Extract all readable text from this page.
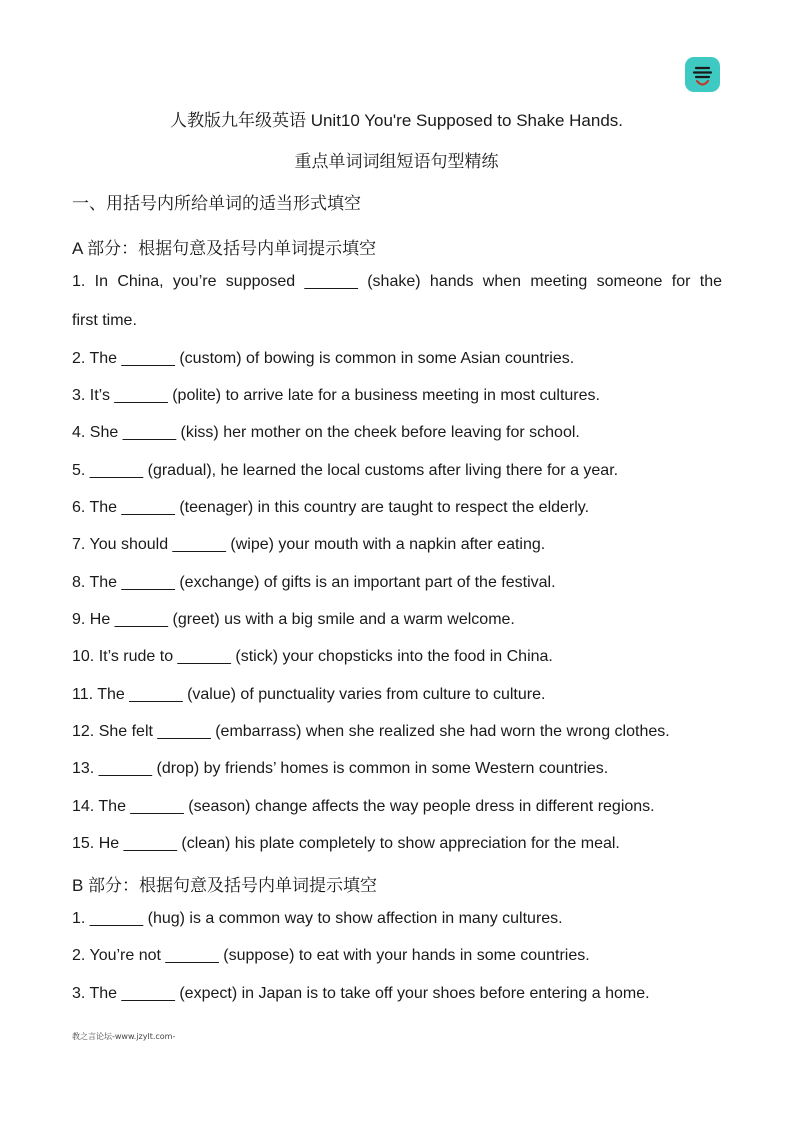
人教版九年级英语 Unit10 You're Supposed to Shake Hands.
重点单词词组短语句型精练
一、用括号内所给单词的适当形式填空
A 部分：根据句意及括号内单词提示填空
1. In China, you’re supposed ______ (shake) hands when meeting someone for the
first time.
2. The ______ (custom) of bowing is common in some Asian countries.
3. It’s ______ (polite) to arrive late for a business meeting in most cultures.
4. She ______ (kiss) her mother on the cheek before leaving for school.
5. ______ (gradual), he learned the local customs after living there for a year.
6. The ______ (teenager) in this country are taught to respect the elderly.
7. You should ______ (wipe) your mouth with a napkin after eating.
8. The ______ (exchange) of gifts is an important part of the festival.
9. He ______ (greet) us with a big smile and a warm welcome.
10. It’s rude to ______ (stick) your chopsticks into the food in China.
11. The ______ (value) of punctuality varies from culture to culture.
12. She felt ______ (embarrass) when she realized she had worn the wrong clothes.
13. ______ (drop) by friends’ homes is common in some Western countries.
14. The ______ (season) change affects the way people dress in different regions.
15. He ______ (clean) his plate completely to show appreciation for the meal.
B 部分：根据句意及括号内单词提示填空
1. ______ (hug) is a common way to show affection in many cultures.
2. You’re not ______ (suppose) to eat with your hands in some countries.
3. The ______ (expect) in Japan is to take off your shoes before entering a home.
教之言论坛-www.jzylt.com-
